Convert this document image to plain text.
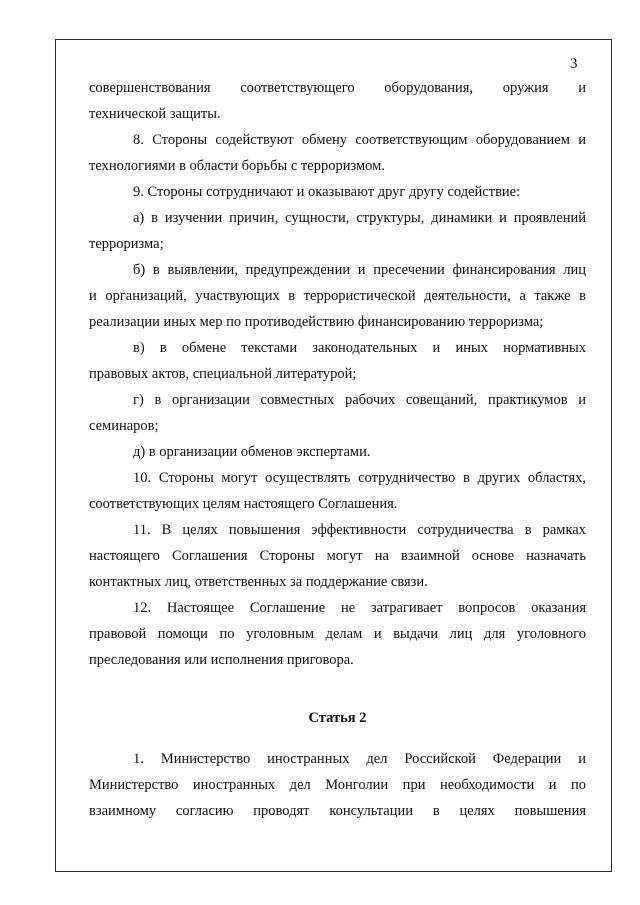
3

совершенствования соответствующего оборудования, оружия и
технической защиты.

8. Стороны содействуют обмену соответствующим оборудованием и
технологиями в области борьбы с терроризмом.

9. Стороны сотрудничают и оказывают друг другу содействие:

а) в изучении причин, сущности, структуры, динамики и проявлений
терроризма;

б) в выявлении, предупреждении и пресечении финансирования лиц
и организаций, участвующих в террористической деятельности, а также в
реализации иных мер по противодействию финансированию терроризма;

в) в обмене текстами законодательных и иных нормативных
правовых актов, специальной литературой;

г) в организации совместных рабочих совещаний, практикумов и
семинаров;

д) в организации обменов экспертами.

10. Стороны могут осуществлять сотрудничество в других областях,
соответствующих целям настоящего Соглашения.

11. В целях повышения эффективности сотрудничества в рамках
настоящего Соглашения Стороны могут на взаимной основе назначать
контактных лиц, ответственных за поддержание связи.

12. Настоящее Соглашение не затрагивает вопросов оказания
правовой помощи по уголовным делам и выдачи лиц для уголовного
преследования или исполнения приговора.

Статья 2

1. Министерство иностранных дел Российской Федерации и
Министерство иностранных дел Монголии при необходимости и по
взаимному согласию проводят консультации в целях повышения
